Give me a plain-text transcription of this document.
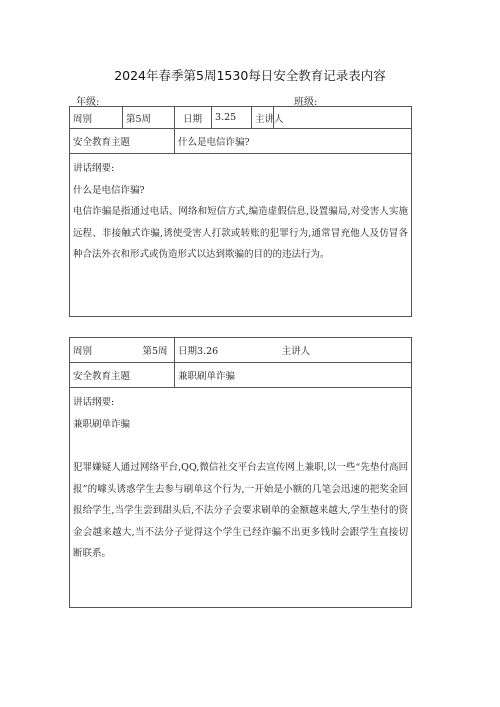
2024年春季第5周1530每日安全教育记录表内容
年级:	班级:
周别	第5周	日期	3.25	主讲人	
安全教育主题		什么是电信诈骗?			

讲话纲要:

什么是电信诈骗?

电信诈骗是指通过电话、网络和短信方式,编造虚假信息,设置骗局,对受害人实施远程、非接触式诈骗,诱使受害人打款或转账的犯罪行为,通常冒充他人及仿冒各种合法外衣和形式或伪造形式以达到欺骗的目的的违法行为。					

周别	第5周	日期3.26	主讲人
安全教育主题		兼职刷单诈骗	

讲话纲要:

兼职刷单诈骗

犯罪嫌疑人通过网络平台,QQ,微信社交平台去宣传网上兼职,以一些“先垫付高回报”的噱头诱惑学生去参与刷单这个行为,一开始是小额的几笔会迅速的把奖金回报给学生,当学生尝到甜头后,不法分子会要求刷单的金额越来越大,学生垫付的资金会越来越大,当不法分子觉得这个学生已经诈骗不出更多钱时会跟学生直接切断联系。			
